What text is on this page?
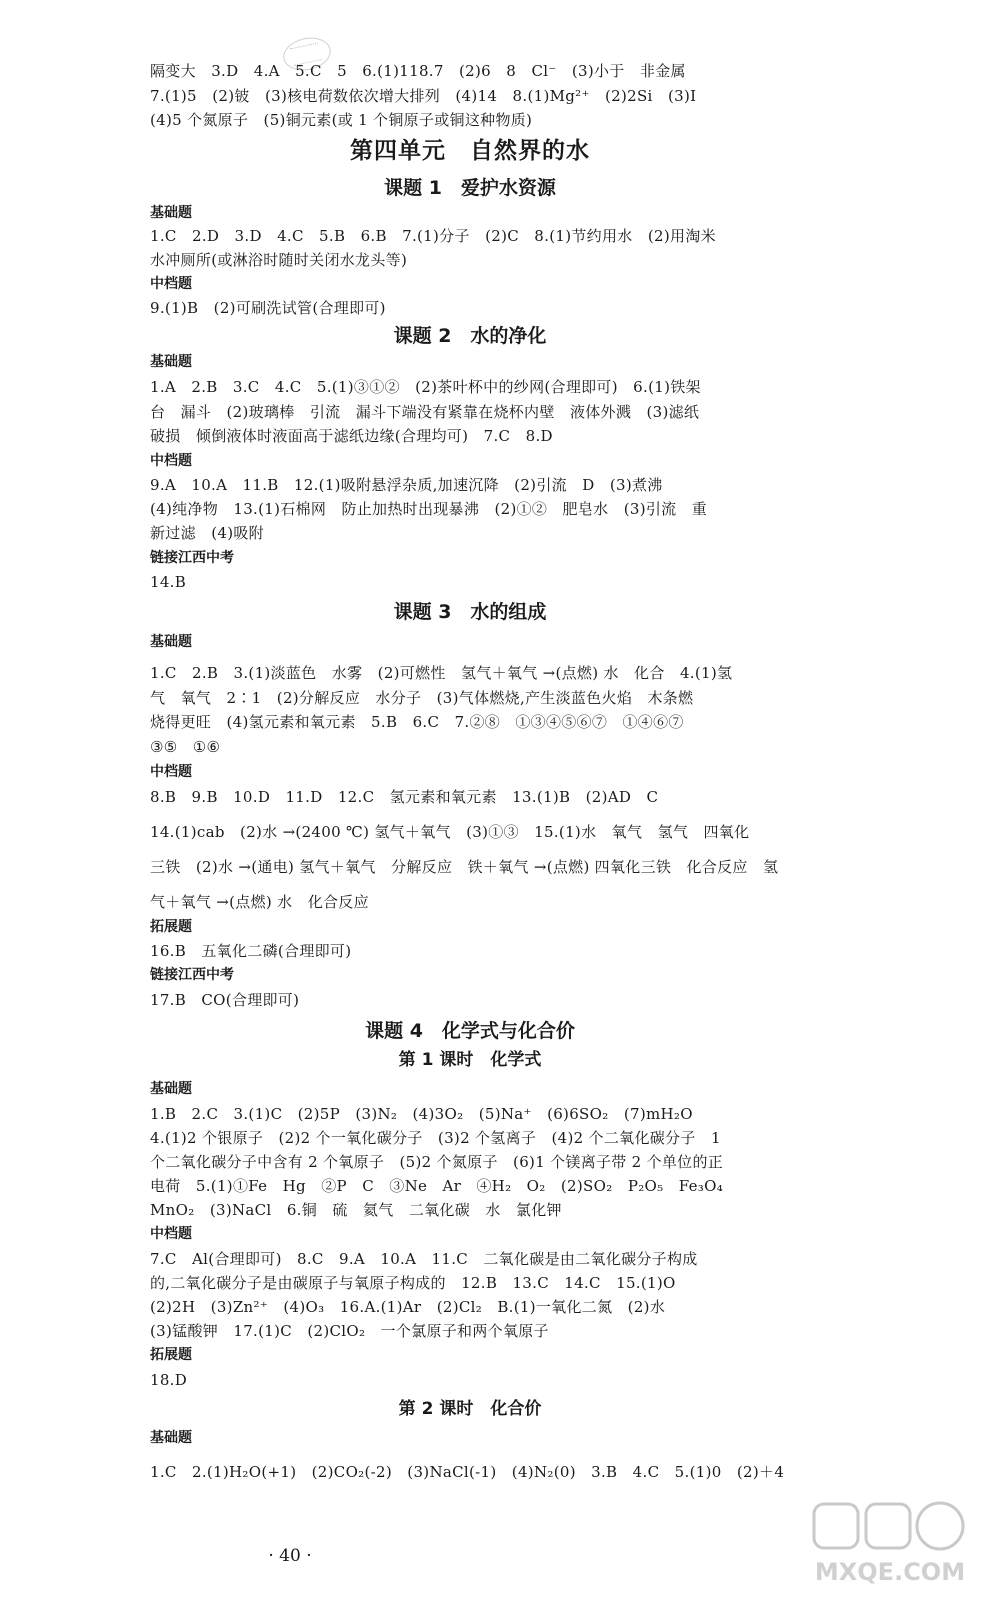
隔变大　3.D　4.A　5.C　5　6.(1)118.7　(2)6　8　Cl⁻　(3)小于　非金属
7.(1)5　(2)铍　(3)核电荷数依次增大排列　(4)14　8.(1)Mg²⁺　(2)2Si　(3)I
(4)5 个氮原子　(5)铜元素(或 1 个铜原子或铜这种物质)
第四单元　自然界的水
课题 1　爱护水资源
基础题
1.C　2.D　3.D　4.C　5.B　6.B　7.(1)分子　(2)C　8.(1)节约用水　(2)用淘米
水冲厕所(或淋浴时随时关闭水龙头等)
中档题
9.(1)B　(2)可刷洗试管(合理即可)
课题 2　水的净化
基础题
1.A　2.B　3.C　4.C　5.(1)③①②　(2)茶叶杯中的纱网(合理即可)　6.(1)铁架
台　漏斗　(2)玻璃棒　引流　漏斗下端没有紧靠在烧杯内壁　液体外溅　(3)滤纸
破损　倾倒液体时液面高于滤纸边缘(合理均可)　7.C　8.D
中档题
9.A　10.A　11.B　12.(1)吸附悬浮杂质,加速沉降　(2)引流　D　(3)煮沸
(4)纯净物　13.(1)石棉网　防止加热时出现暴沸　(2)①②　肥皂水　(3)引流　重
新过滤　(4)吸附
链接江西中考
14.B
课题 3　水的组成
基础题
1.C　2.B　3.(1)淡蓝色　水雾　(2)可燃性　氢气＋氧气 →(点燃) 水　化合　4.(1)氢
气　氧气　2∶1　(2)分解反应　水分子　(3)气体燃烧,产生淡蓝色火焰　木条燃
烧得更旺　(4)氢元素和氧元素　5.B　6.C　7.②⑧　①③④⑤⑥⑦　①④⑥⑦
③⑤　①⑥
中档题
8.B　9.B　10.D　11.D　12.C　氢元素和氧元素　13.(1)B　(2)AD　C
14.(1)cab　(2)水 →(2400 ℃) 氢气＋氧气　(3)①③　15.(1)水　氧气　氢气　四氧化
三铁　(2)水 →(通电) 氢气＋氧气　分解反应　铁＋氧气 →(点燃) 四氧化三铁　化合反应　氢
气＋氧气 →(点燃) 水　化合反应
拓展题
16.B　五氧化二磷(合理即可)
链接江西中考
17.B　CO(合理即可)
课题 4　化学式与化合价
第 1 课时　化学式
基础题
1.B　2.C　3.(1)C　(2)5P　(3)N₂　(4)3O₂　(5)Na⁺　(6)6SO₂　(7)mH₂O
4.(1)2 个银原子　(2)2 个一氧化碳分子　(3)2 个氢离子　(4)2 个二氧化碳分子　1
个二氧化碳分子中含有 2 个氧原子　(5)2 个氮原子　(6)1 个镁离子带 2 个单位的正
电荷　5.(1)①Fe　Hg　②P　C　③Ne　Ar　④H₂　O₂　(2)SO₂　P₂O₅　Fe₃O₄
MnO₂　(3)NaCl　6.铜　硫　氦气　二氧化碳　水　氯化钾
中档题
7.C　Al(合理即可)　8.C　9.A　10.A　11.C　二氧化碳是由二氧化碳分子构成
的,二氧化碳分子是由碳原子与氧原子构成的　12.B　13.C　14.C　15.(1)O
(2)2H　(3)Zn²⁺　(4)O₃　16.A.(1)Ar　(2)Cl₂　B.(1)一氧化二氮　(2)水
(3)锰酸钾　17.(1)C　(2)ClO₂　一个氯原子和两个氧原子
拓展题
18.D
第 2 课时　化合价
基础题
1.C　2.(1)H₂O(+1)　(2)CO₂(-2)　(3)NaCl(-1)　(4)N₂(0)　3.B　4.C　5.(1)0　(2)＋4
· 40 ·
MXQE.COM
